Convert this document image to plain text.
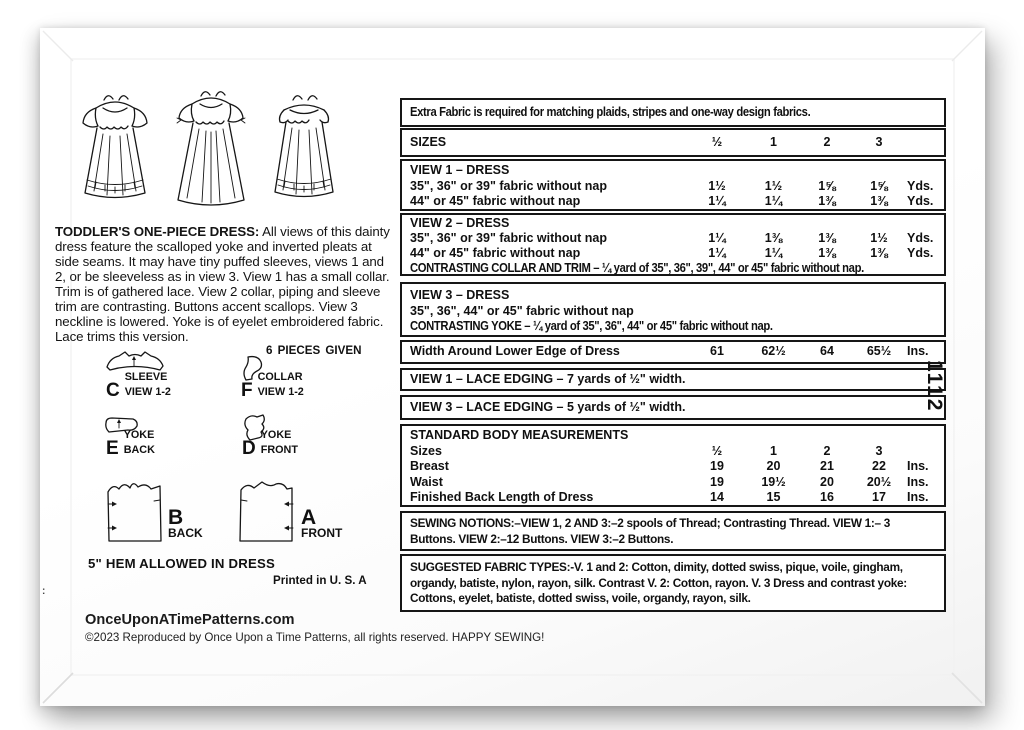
TODDLER'S ONE-PIECE DRESS: All views of this dainty dress feature the scalloped yoke and inverted pleats at side seams. It may have tiny puffed sleeves, views 1 and 2, or be sleeveless as in view 3. View 1 has a small collar. Trim is of gathered lace. View 2 collar, piping and sleeve trim are contrasting. Buttons accent scallops. View 3 neckline is lowered. Yoke is of eyelet embroidered fabric. Lace trims this version.

6 PIECES GIVEN
SLEEVE
C VIEW 1-2
COLLAR
F VIEW 1-2
YOKE
E BACK
YOKE
D FRONT
B
BACK
A
FRONT
5" HEM ALLOWED IN DRESS
Printed in U. S. A
OnceUponATimePatterns.com
©2023 Reproduced by Once Upon a Time Patterns, all rights reserved. HAPPY SEWING!
:
Extra Fabric is required for matching plaids, stripes and one-way design fabrics.
SIZES	½	1	2	3
VIEW 1 – DRESS
35", 36" or 39" fabric without nap	1½	1½	1⅝	1⅝	Yds.
44" or 45" fabric without nap	1¼	1¼	1⅜	1⅜	Yds.
VIEW 2 – DRESS
35", 36" or 39" fabric without nap	1¼	1⅜	1⅜	1½	Yds.
44" or 45" fabric without nap	1¼	1¼	1⅜	1⅜	Yds.
CONTRASTING COLLAR AND TRIM – ¼ yard of 35", 36", 39", 44" or 45" fabric without nap.
VIEW 3 – DRESS
35", 36", 44" or 45" fabric without nap
CONTRASTING YOKE – ¼ yard of 35", 36", 44" or 45" fabric without nap.
Width Around Lower Edge of Dress	61	62½	64	65½	Ins.
VIEW 1 – LACE EDGING – 7 yards of ½" width.
VIEW 3 – LACE EDGING – 5 yards of ½" width.
STANDARD BODY MEASUREMENTS
Sizes	½	1	2	3
Breast	19	20	21	22	Ins.
Waist	19	19½	20	20½	Ins.
Finished Back Length of Dress	14	15	16	17	Ins.
SEWING NOTIONS:–VIEW 1, 2 AND 3:–2 spools of Thread; Contrasting Thread. VIEW 1:– 3 Buttons. VIEW 2:–12 Buttons. VIEW 3:–2 Buttons.
SUGGESTED FABRIC TYPES:-V. 1 and 2: Cotton, dimity, dotted swiss, pique, voile, gingham, organdy, batiste, nylon, rayon, silk. Contrast V. 2: Cotton, rayon. V. 3 Dress and contrast yoke: Cottons, eyelet, batiste, dotted swiss, voile, organdy, rayon, silk.
1112
